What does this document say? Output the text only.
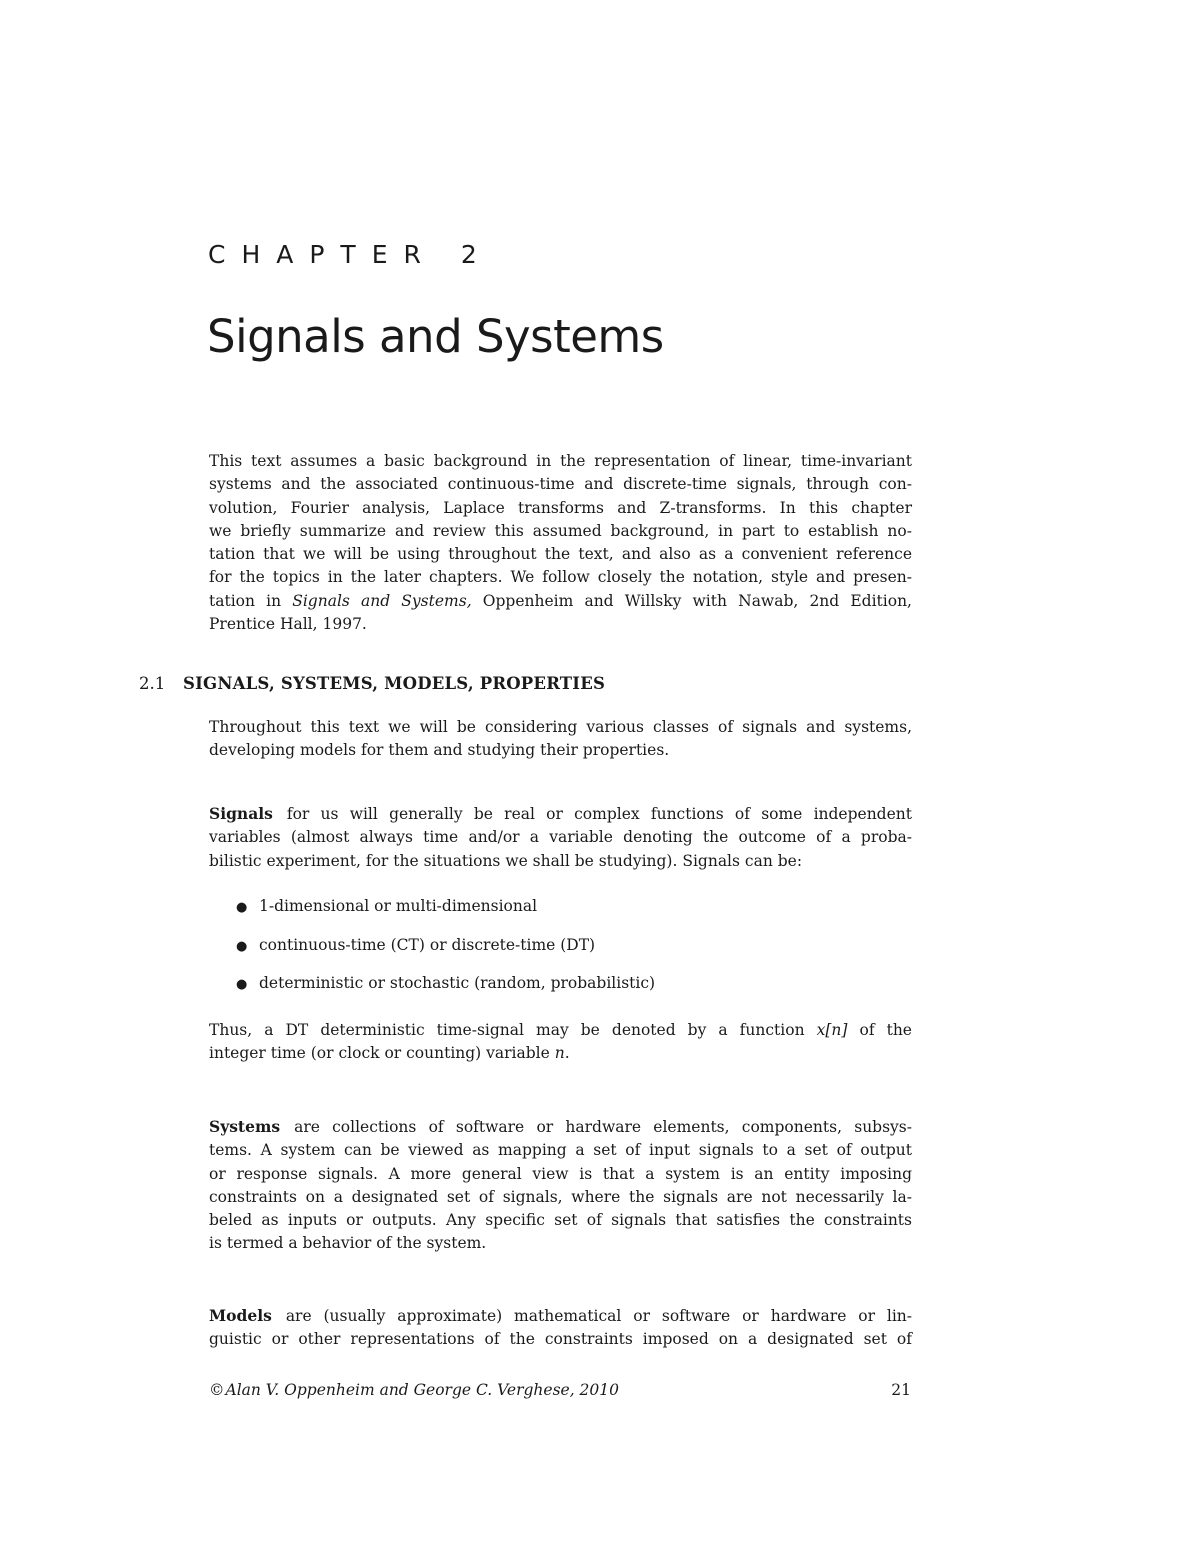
CHAPTER 2
Signals and Systems
This text assumes a basic background in the representation of linear, time-invariant
systems and the associated continuous-time and discrete-time signals, through con-
volution, Fourier analysis, Laplace transforms and Z-transforms. In this chapter
we briefly summarize and review this assumed background, in part to establish no-
tation that we will be using throughout the text, and also as a convenient reference
for the topics in the later chapters. We follow closely the notation, style and presen-
tation in Signals and Systems, Oppenheim and Willsky with Nawab, 2nd Edition,
Prentice Hall, 1997.
2.1 SIGNALS, SYSTEMS, MODELS, PROPERTIES
Throughout this text we will be considering various classes of signals and systems,
developing models for them and studying their properties.
Signals for us will generally be real or complex functions of some independent
variables (almost always time and/or a variable denoting the outcome of a proba-
bilistic experiment, for the situations we shall be studying). Signals can be:
● 1-dimensional or multi-dimensional
● continuous-time (CT) or discrete-time (DT)
● deterministic or stochastic (random, probabilistic)
Thus, a DT deterministic time-signal may be denoted by a function x[n] of the
integer time (or clock or counting) variable n.
Systems are collections of software or hardware elements, components, subsys-
tems. A system can be viewed as mapping a set of input signals to a set of output
or response signals. A more general view is that a system is an entity imposing
constraints on a designated set of signals, where the signals are not necessarily la-
beled as inputs or outputs. Any specific set of signals that satisfies the constraints
is termed a behavior of the system.
Models are (usually approximate) mathematical or software or hardware or lin-
guistic or other representations of the constraints imposed on a designated set of
©Alan V. Oppenheim and George C. Verghese, 2010	21
